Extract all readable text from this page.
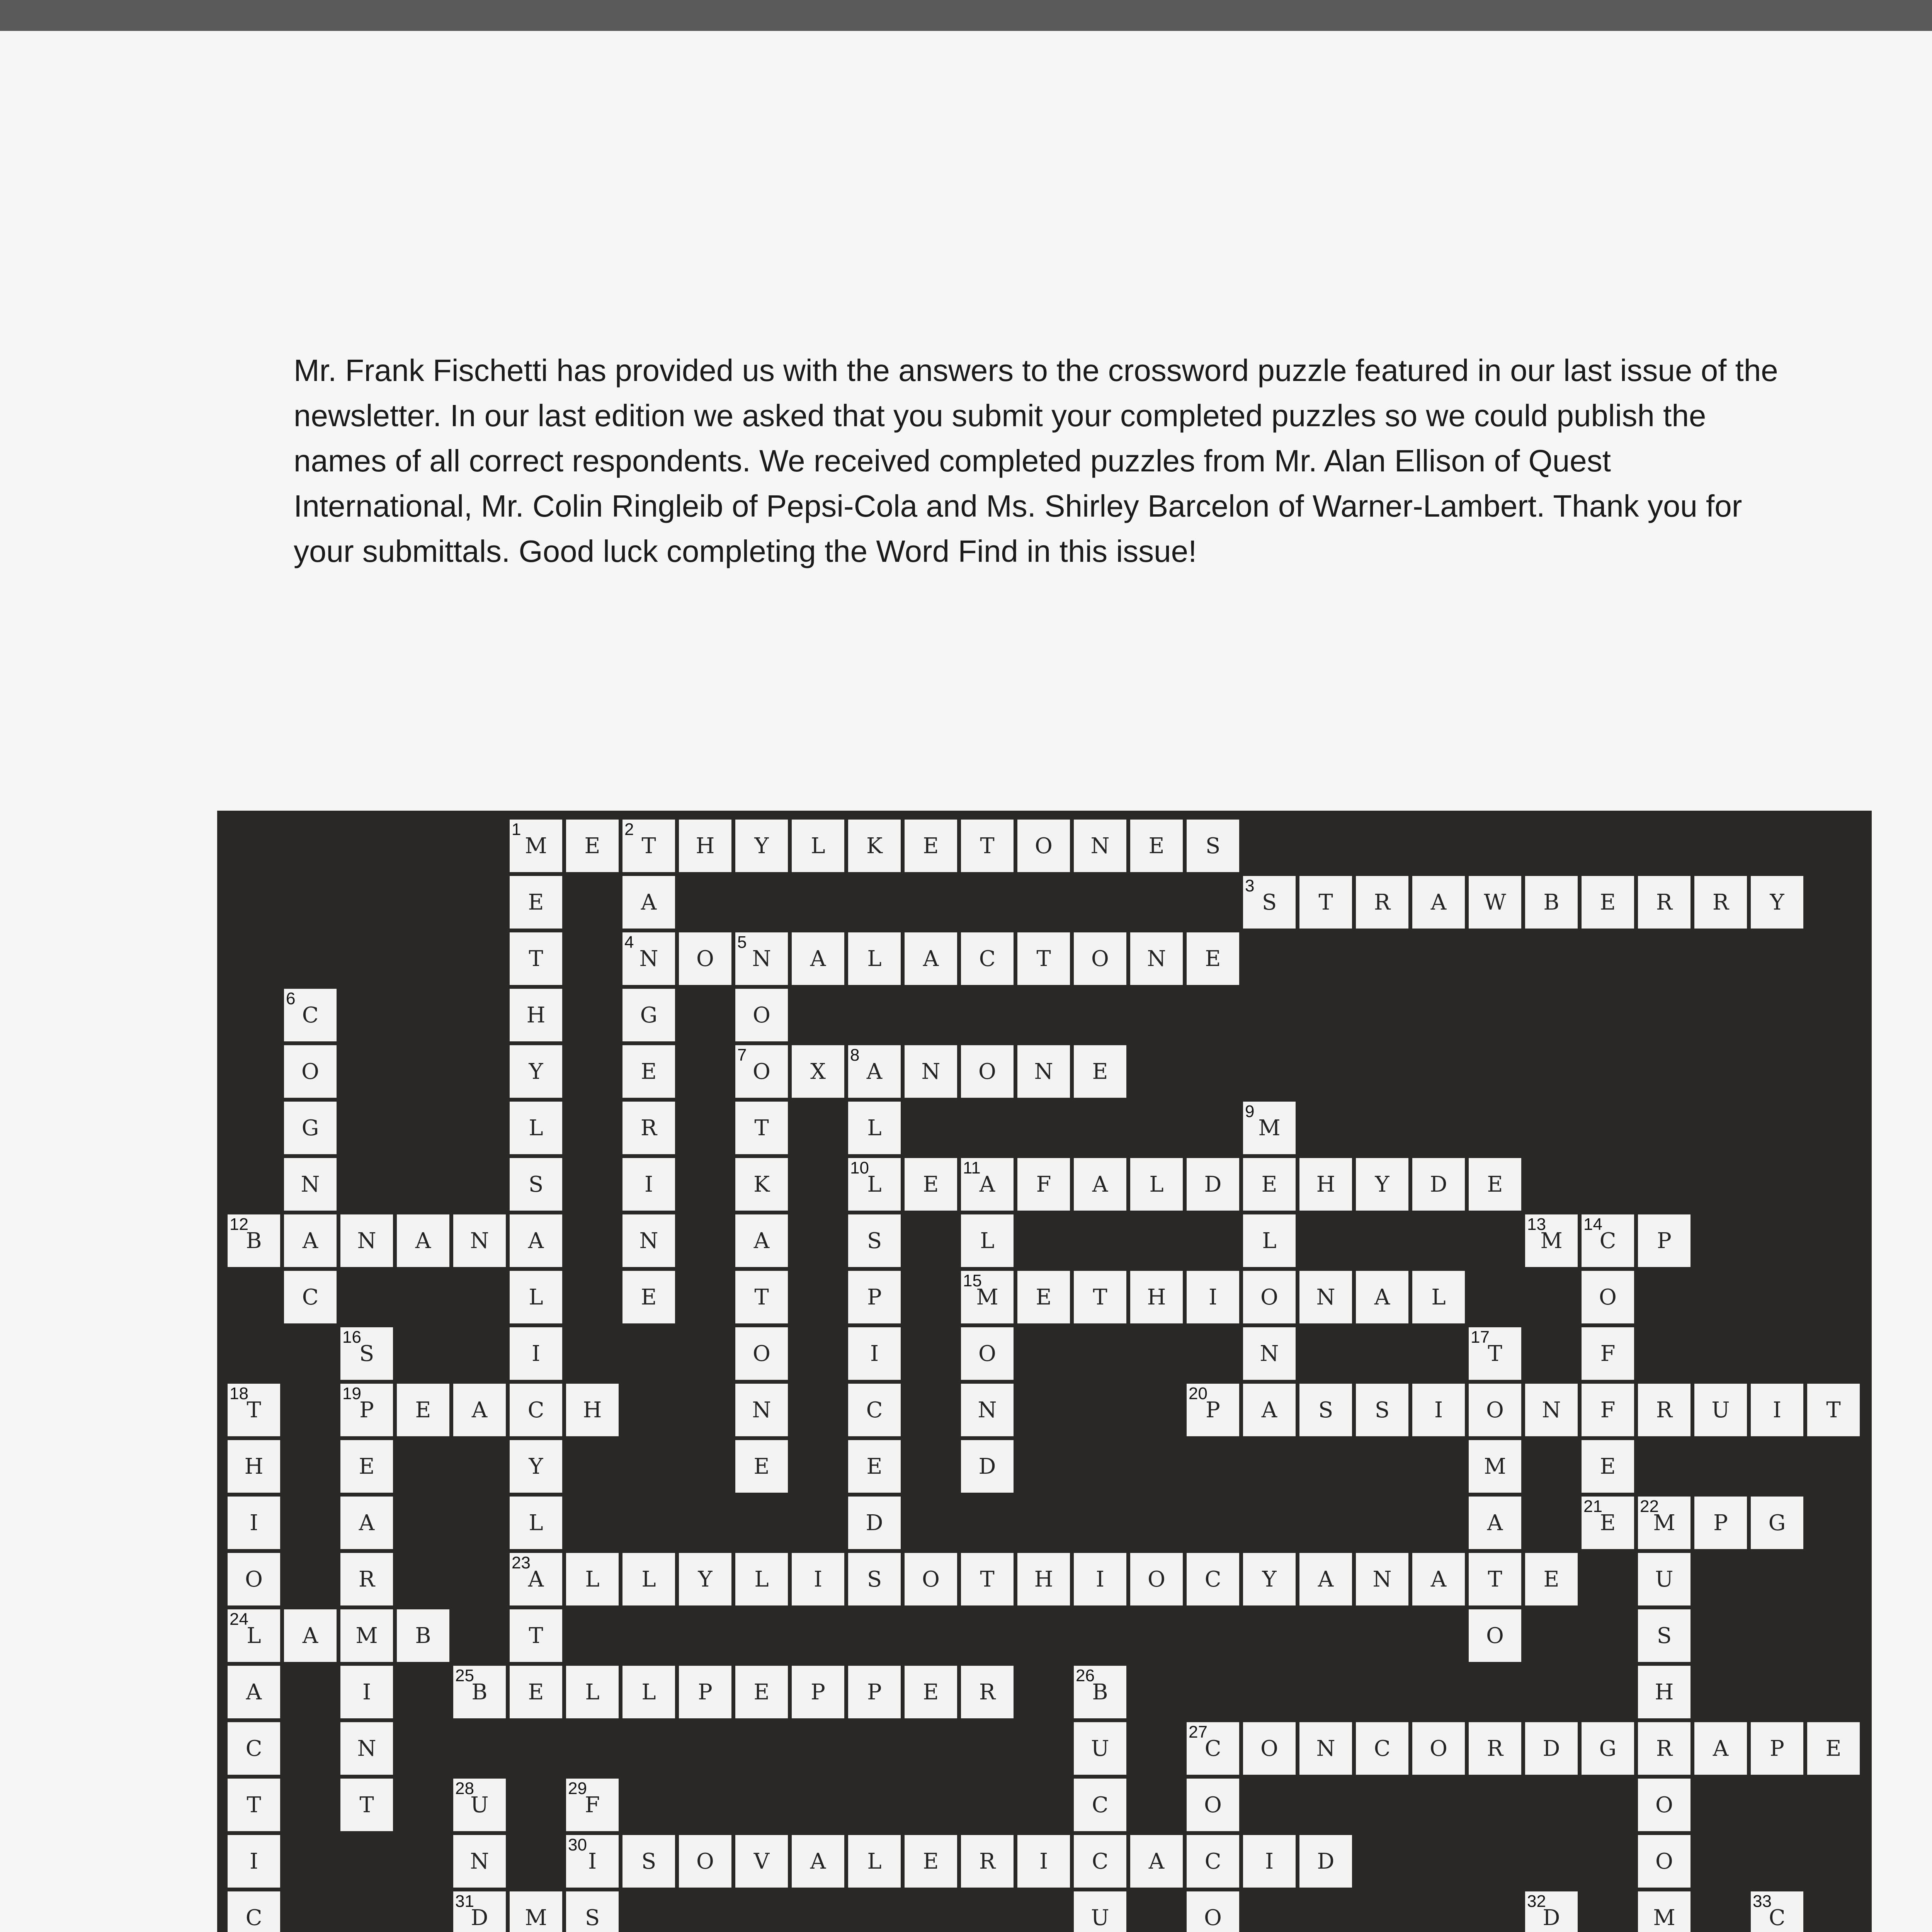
Mr. Frank Fischetti has provided us with the answers to the crossword puzzle featured in our last issue of the newsletter. In our last edition we asked that you submit your completed puzzles so we could publish the names of all correct respondents. We received completed puzzles from Mr. Alan Ellison of Quest International, Mr. Colin Ringleib of Pepsi-Cola and Ms. Shirley Barcelon of Warner-Lambert. Thank you for your submittals. Good luck completing the Word Find in this issue!

M
1
E T
2
H Y L K E T O N E S
S
3
T R A W B E R R Y
N
4
O N
5
A L A C T O N E
O
7
X A
8
N O N E
L
10
E A
11
F A L D E H Y D E
B
12
A N A N A	M
13
C
14
P
M
15
E T H I O N A L
P
19
E A C H	P
20
A S S I O N F R U I T
E
21
M
22
P G
A
23
L L Y L I S O T H I O C Y A N A T E
L
24
A M B
B
25
E L L P E P P E R
C
27
O N C O R D G R A P E
I
30
S O V A L E R I C A C I D
D
31
M S
E
T
H
Y
L
S
L
I
Y
L
T
A
G
E
R
I
N
E
O
T
K
A
T
O
N
E
C
6
O
G
N
C
L
S
P
I
C
E
D
M
9
L
N
L
O
N
D
O
F
E
S
16
E
A
R
I
N
T
T
17
M
A
O
T
18
H
I
O
A
C
T
I
C
U
S
H
O
O
M
B
26
U
C
U
O
O
U
28
N
F
29
D
32
C
33
